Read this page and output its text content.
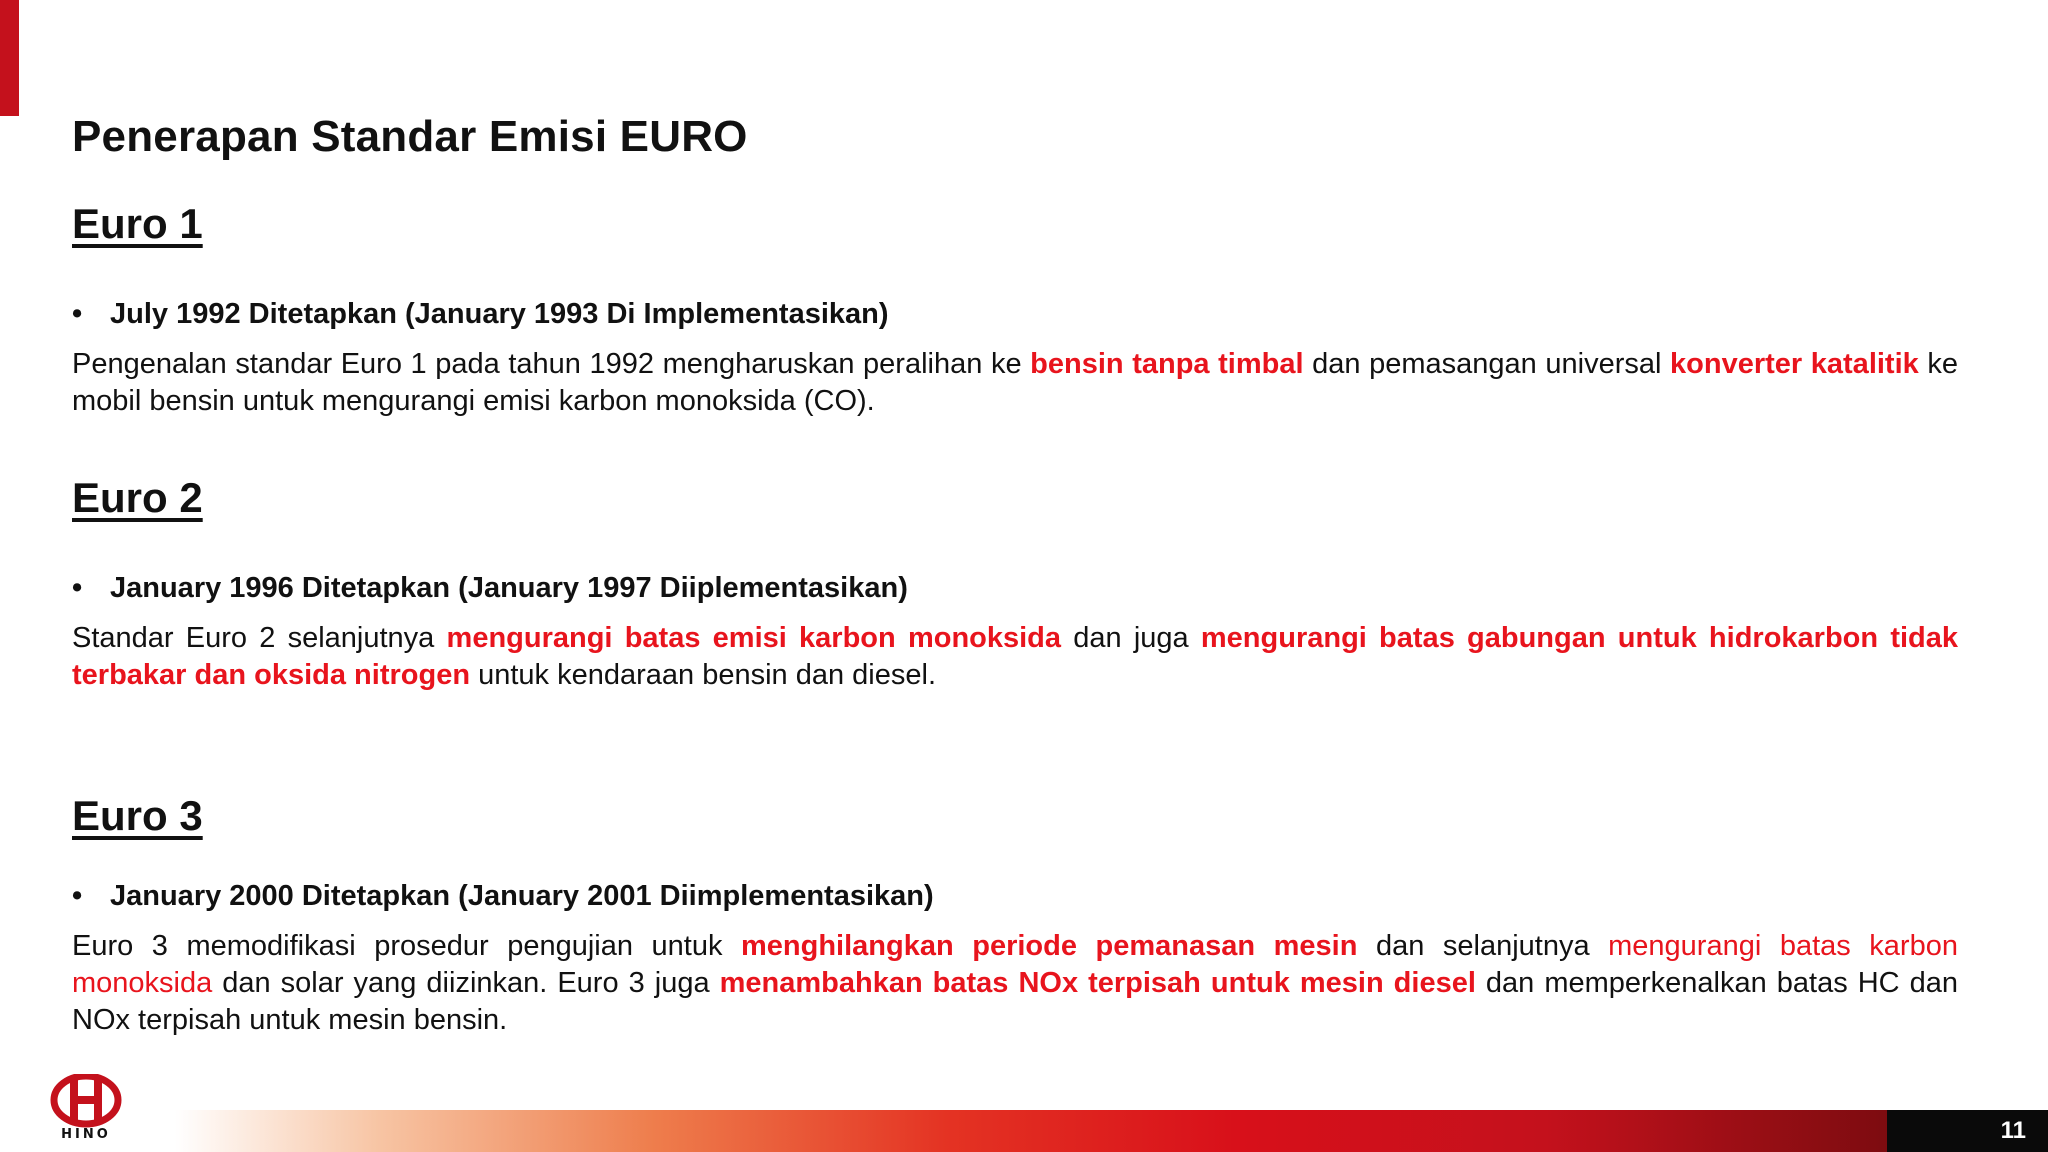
Penerapan Standar Emisi EURO
Euro 1
• July 1992 Ditetapkan (January 1993 Di Implementasikan)

Pengenalan standar Euro 1 pada tahun 1992 mengharuskan peralihan ke bensin tanpa timbal dan pemasangan universal konverter katalitik ke mobil bensin untuk mengurangi emisi karbon monoksida (CO).

Euro 2
• January 1996 Ditetapkan (January 1997 Diiplementasikan)

Standar Euro 2 selanjutnya mengurangi batas emisi karbon monoksida dan juga mengurangi batas gabungan untuk hidrokarbon tidak terbakar dan oksida nitrogen untuk kendaraan bensin dan diesel.

Euro 3
• January 2000 Ditetapkan (January 2001 Diimplementasikan)

Euro 3 memodifikasi prosedur pengujian untuk menghilangkan periode pemanasan mesin dan selanjutnya mengurangi batas karbon monoksida dan solar yang diizinkan. Euro 3 juga menambahkan batas NOx terpisah untuk mesin diesel dan memperkenalkan batas HC dan NOx terpisah untuk mesin bensin.

HINO	11
